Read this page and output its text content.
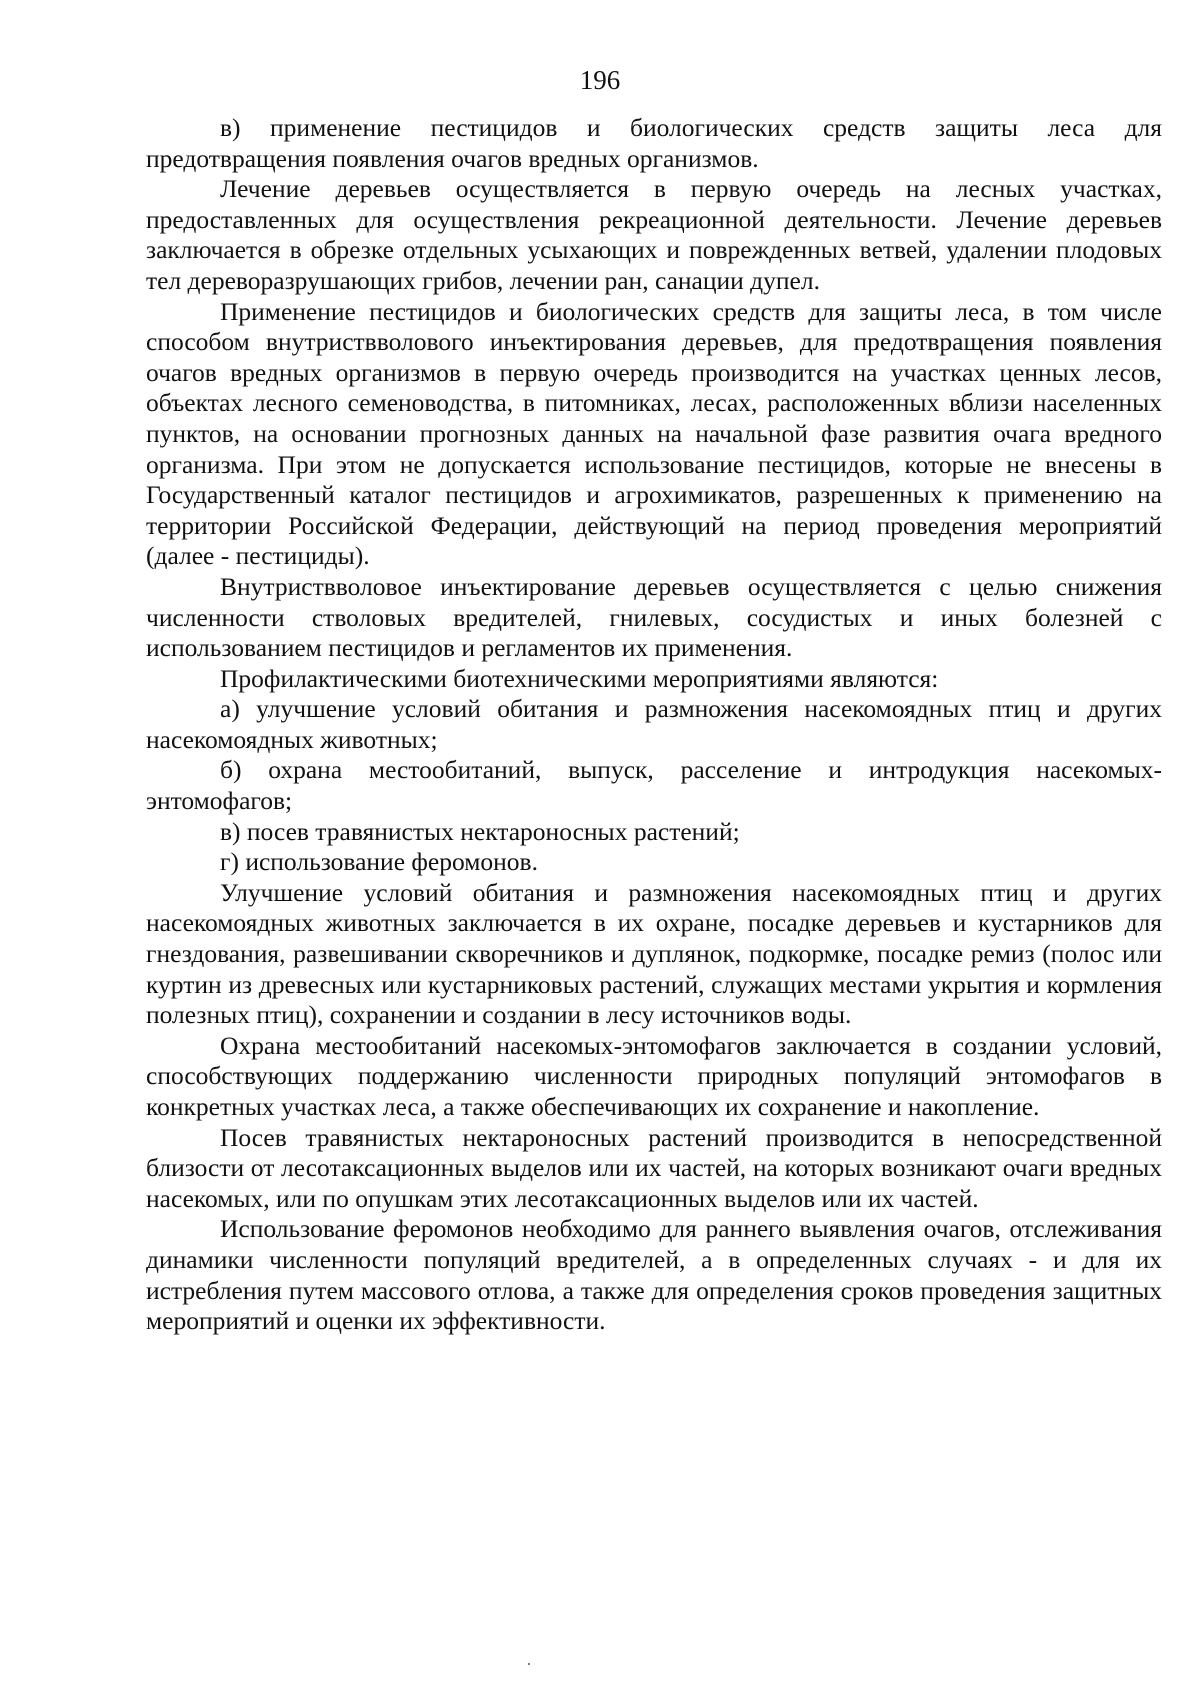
196

в) применение пестицидов и биологических средств защиты леса для предотвращения появления очагов вредных организмов.

Лечение деревьев осуществляется в первую очередь на лесных участках, предоставленных для осуществления рекреационной деятельности. Лечение деревьев заключается в обрезке отдельных усыхающих и поврежденных ветвей, удалении плодовых тел дереворазрушающих грибов, лечении ран, санации дупел.

Применение пестицидов и биологических средств для защиты леса, в том числе способом внутриствволового инъектирования деревьев, для предотвращения появления очагов вредных организмов в первую очередь производится на участках ценных лесов, объектах лесного семеноводства, в питомниках, лесах, расположенных вблизи населенных пунктов, на основании прогнозных данных на начальной фазе развития очага вредного организма. При этом не допускается использование пестицидов, которые не внесены в Государственный каталог пестицидов и агрохимикатов, разрешенных к применению на территории Российской Федерации, действующий на период проведения мероприятий (далее - пестициды).

Внутриствволовое инъектирование деревьев осуществляется с целью снижения численности стволовых вредителей, гнилевых, сосудистых и иных болезней с использованием пестицидов и регламентов их применения.

Профилактическими биотехническими мероприятиями являются:

а) улучшение условий обитания и размножения насекомоядных птиц и других насекомоядных животных;

б) охрана местообитаний, выпуск, расселение и интродукция насекомых-энтомофагов;

в) посев травянистых нектароносных растений;

г) использование феромонов.

Улучшение условий обитания и размножения насекомоядных птиц и других насекомоядных животных заключается в их охране, посадке деревьев и кустарников для гнездования, развешивании скворечников и дуплянок, подкормке, посадке ремиз (полос или куртин из древесных или кустарниковых растений, служащих местами укрытия и кормления полезных птиц), сохранении и создании в лесу источников воды.

Охрана местообитаний насекомых-энтомофагов заключается в создании условий, способствующих поддержанию численности природных популяций энтомофагов в конкретных участках леса, а также обеспечивающих их сохранение и накопление.

Посев травянистых нектароносных растений производится в непосредственной близости от лесотаксационных выделов или их частей, на которых возникают очаги вредных насекомых, или по опушкам этих лесотаксационных выделов или их частей.

Использование феромонов необходимо для раннего выявления очагов, отслеживания динамики численности популяций вредителей, а в определенных случаях - и для их истребления путем массового отлова, а также для определения сроков проведения защитных мероприятий и оценки их эффективности.
